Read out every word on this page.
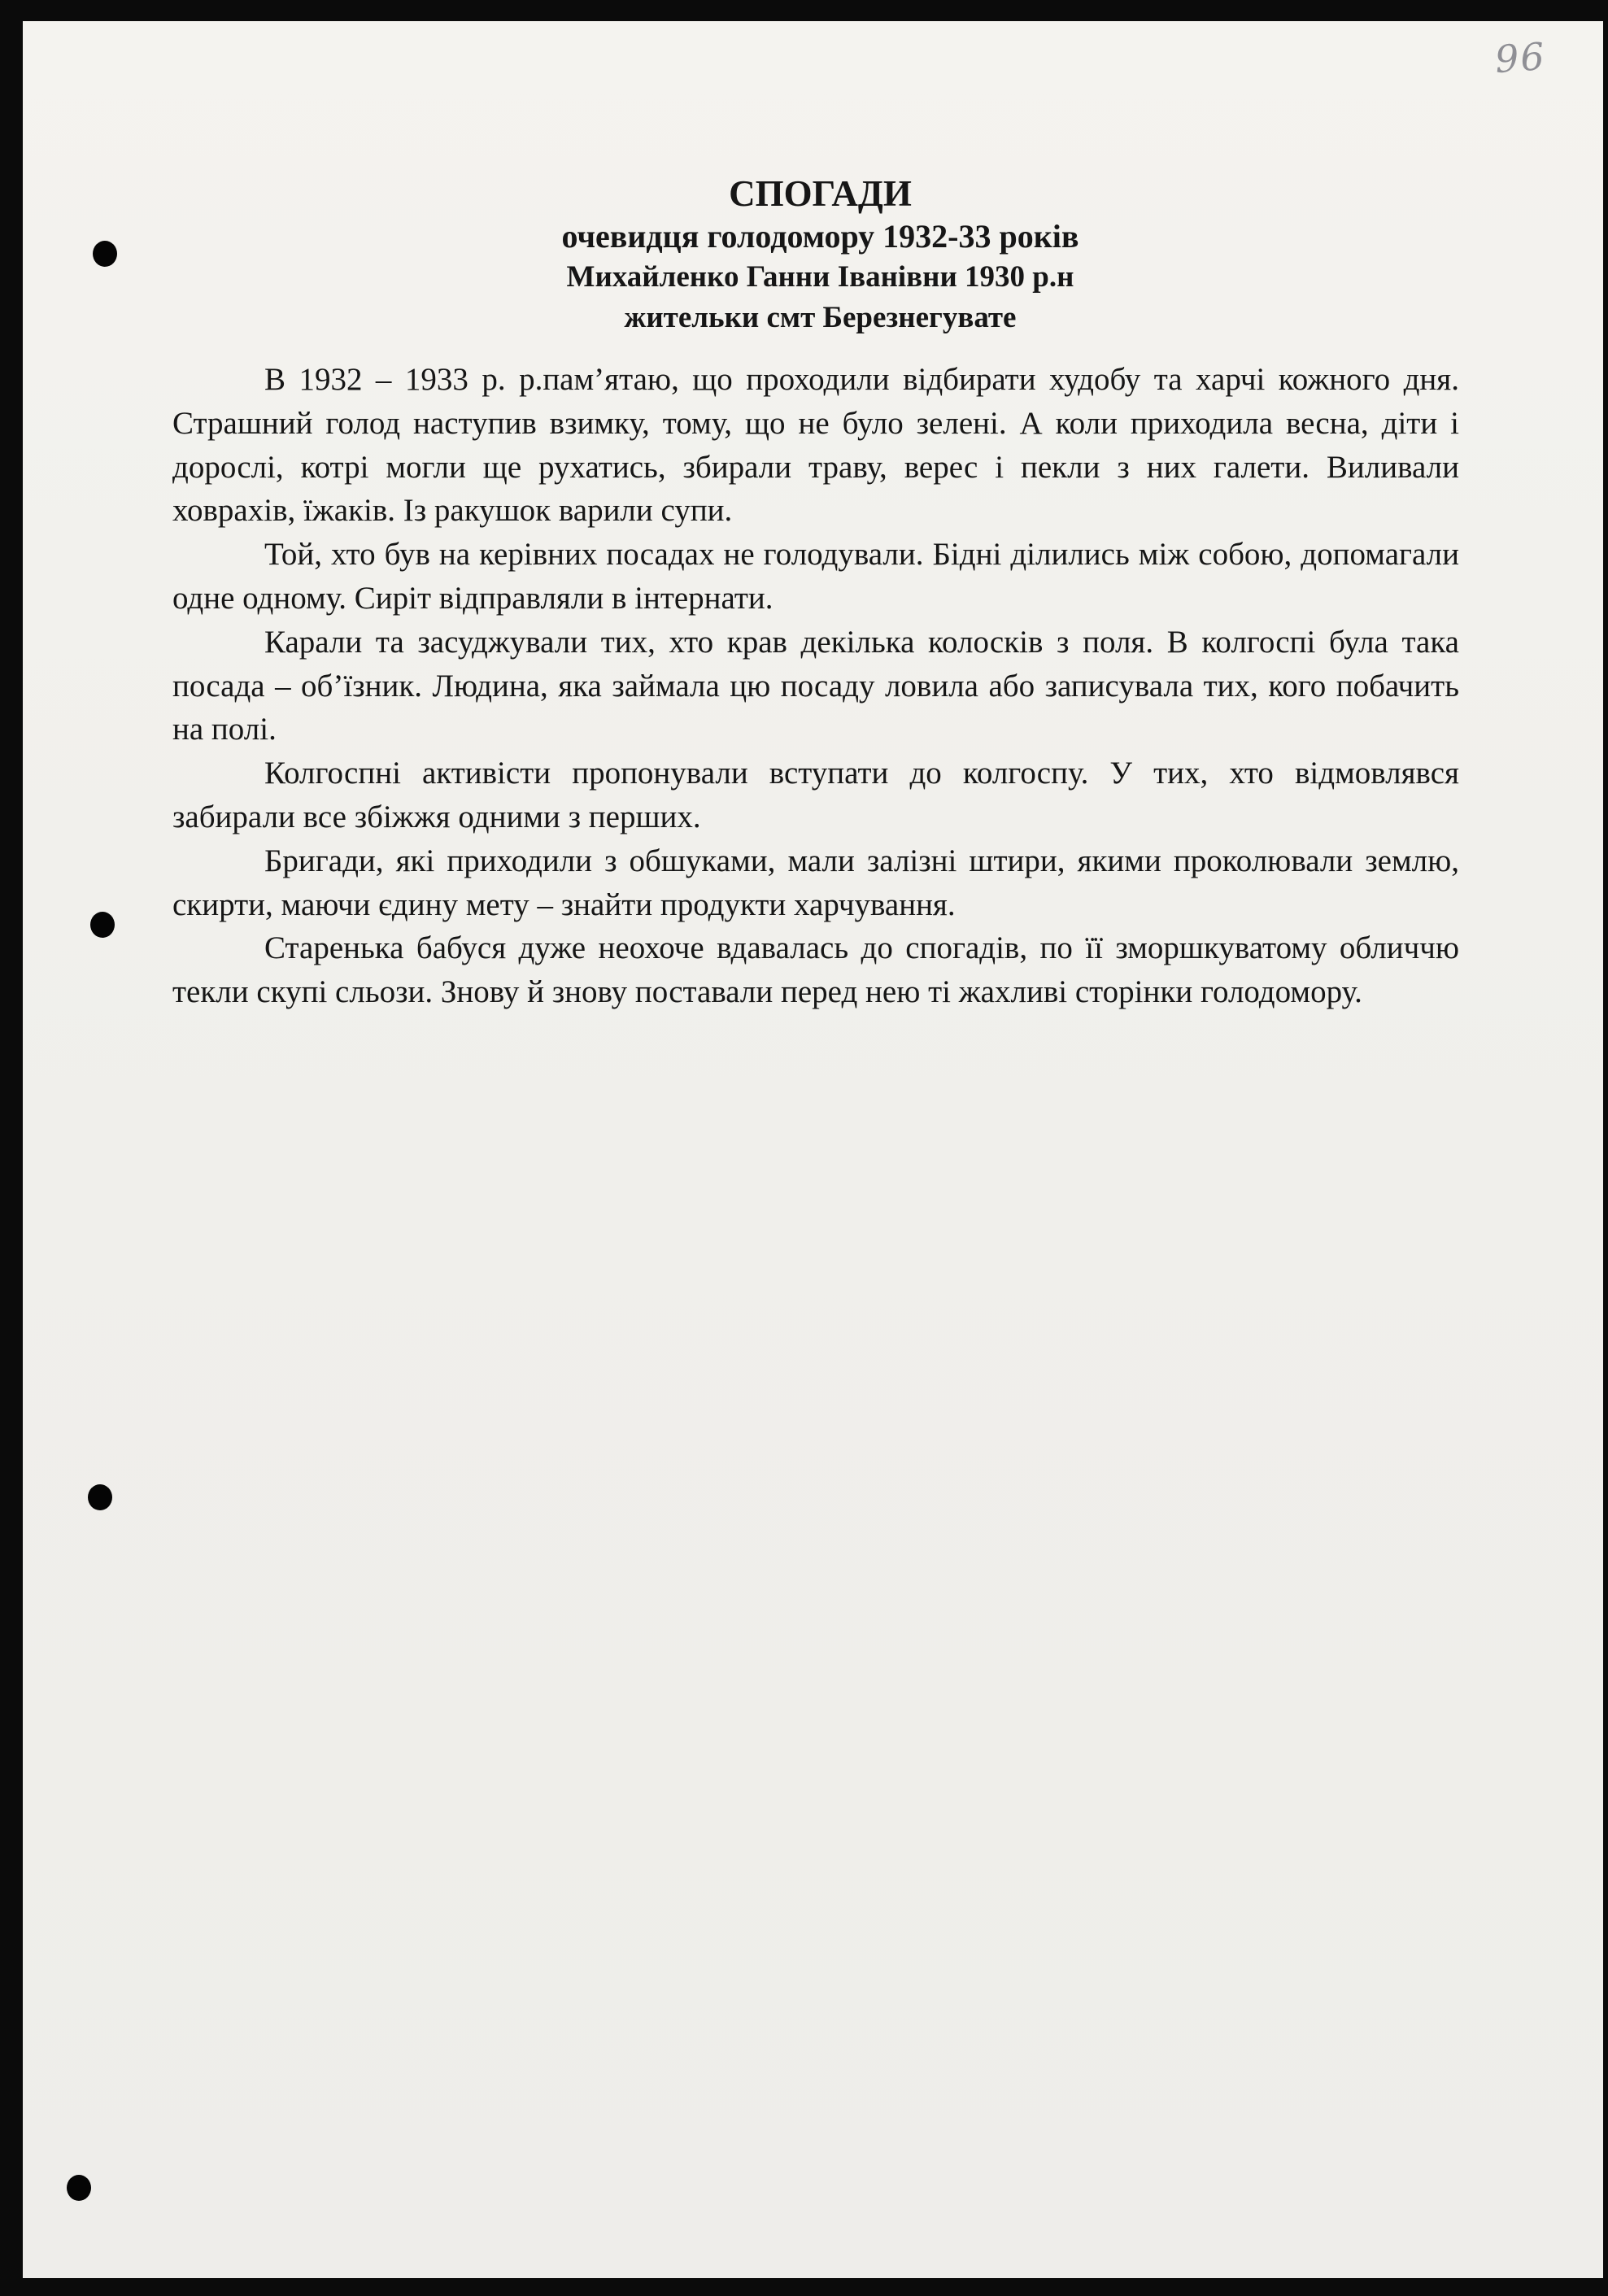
96
СПОГАДИ
очевидця голодомору 1932-33 років
Михайленко Ганни Іванівни 1930 р.н
жительки смт Березнегувате

В 1932 – 1933 р. р.пам’ятаю, що проходили відбирати худобу та харчі кожного дня. Страшний голод наступив взимку, тому, що не було зелені. А коли приходила весна, діти і дорослі, котрі могли ще рухатись, збирали траву, верес і пекли з них галети. Виливали ховрахів, їжаків. Із ракушок варили супи.

Той, хто був на керівних посадах не голодували. Бідні ділились між собою, допомагали одне одному. Сиріт відправляли в інтернати.

Карали та засуджували тих, хто крав декілька колосків з поля. В колгоспі була така посада – об’їзник. Людина, яка займала цю посаду ловила або записувала тих, кого побачить на полі.

Колгоспні активісти пропонували вступати до колгоспу. У тих, хто відмовлявся забирали все збіжжя одними з перших.

Бригади, які приходили з обшуками, мали залізні штири, якими проколювали землю, скирти, маючи єдину мету – знайти продукти харчування.

Старенька бабуся дуже неохоче вдавалась до спогадів, по її зморшкуватому обличчю текли скупі сльози. Знову й знову поставали перед нею ті жахливі сторінки голодомору.
